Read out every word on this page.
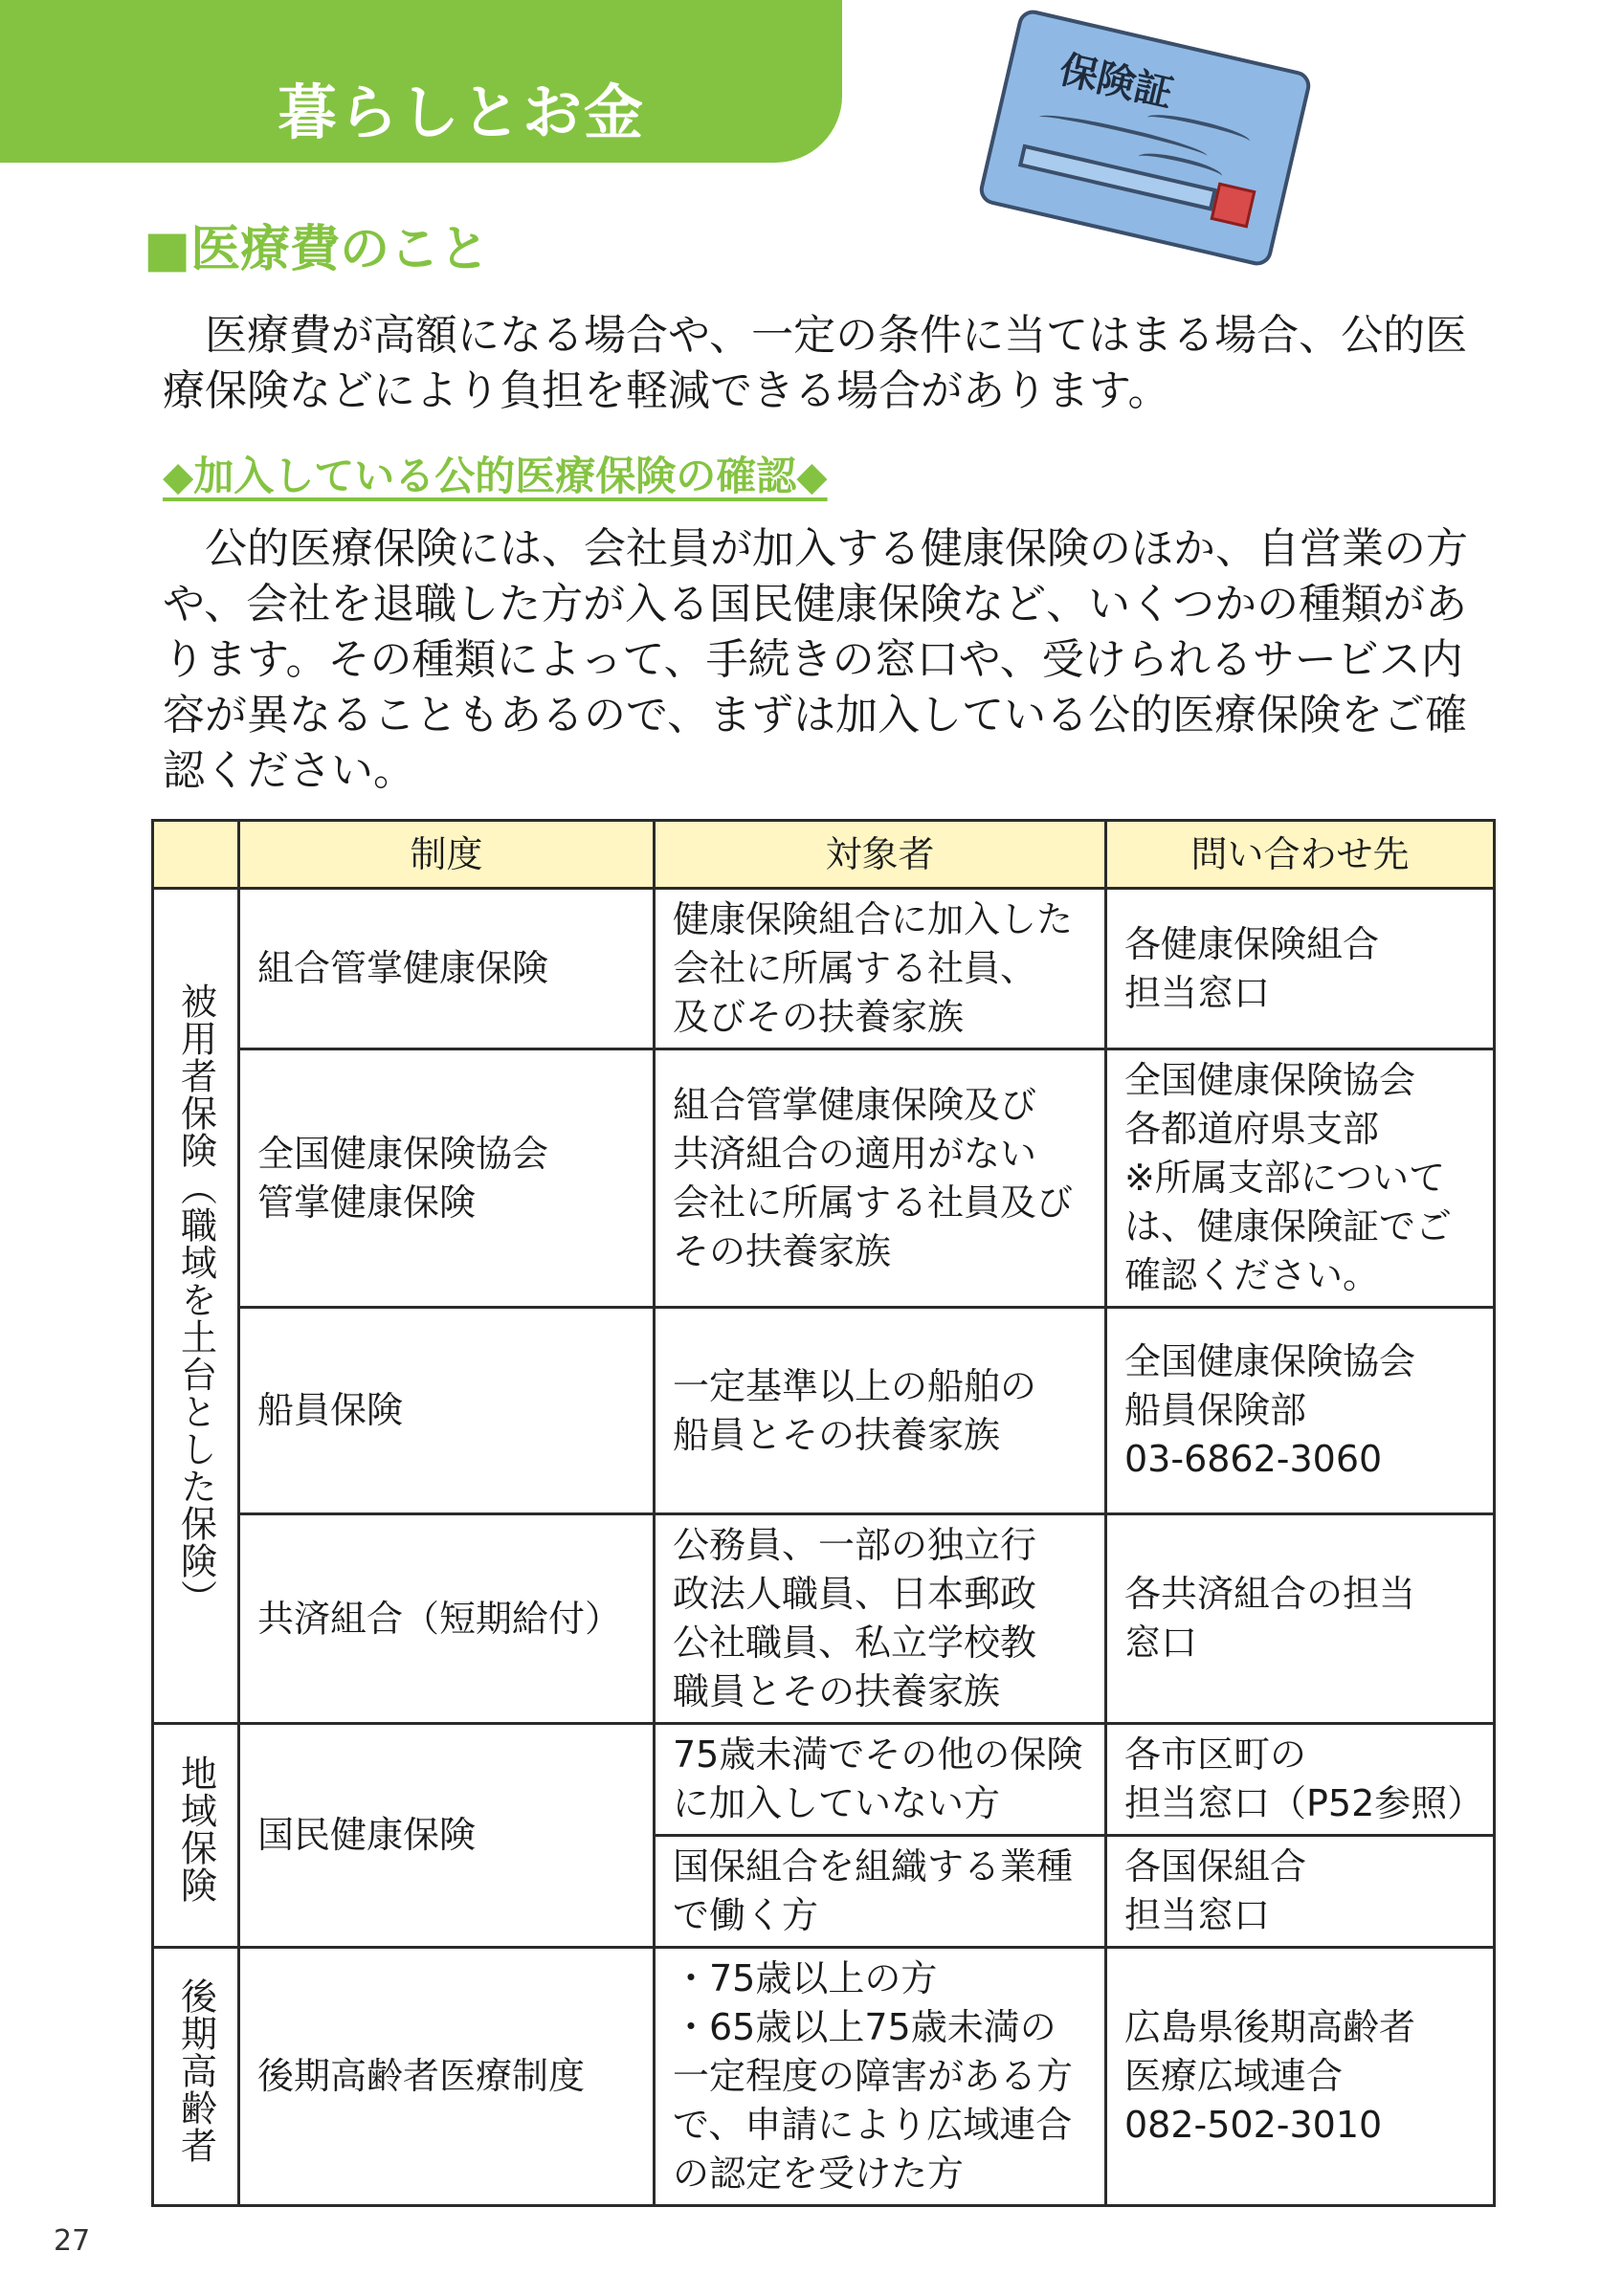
暮らしとお金	保険証
■医療費のこと

　医療費が高額になる場合や、一定の条件に当てはまる場合、公的医療保険などにより負担を軽減できる場合があります。

◆加入している公的医療保険の確認◆

　公的医療保険には、会社員が加入する健康保険のほか、自営業の方や、会社を退職した方が入る国民健康保険など、いくつかの種類があります。その種類によって、手続きの窓口や、受けられるサービス内容が異なることもあるので、まずは加入している公的医療保険をご確認ください。

	制度	対象者	問い合わせ先
被用者保険（職域を土台とした保険）	組合管掌健康保険	健康保険組合に加入した
会社に所属する社員、
及びその扶養家族	各健康保険組合
担当窓口

	全国健康保険協会
管掌健康保険	組合管掌健康保険及び
共済組合の適用がない
会社に所属する社員及び
その扶養家族	全国健康保険協会
各都道府県支部
※所属支部について
は、健康保険証でご
確認ください。

	船員保険	一定基準以上の船舶の
船員とその扶養家族	全国健康保険協会
船員保険部
03-6862-3060

	共済組合（短期給付）	公務員、一部の独立行
政法人職員、日本郵政
公社職員、私立学校教
職員とその扶養家族	各共済組合の担当
窓口

地域保険	国民健康保険	75歳未満でその他の保険
に加入していない方	各市区町の
担当窓口（P52参照）

		国保組合を組織する業種
で働く方	各国保組合
担当窓口

後期高齢者	後期高齢者医療制度	・75歳以上の方
・65歳以上75歳未満の
一定程度の障害がある方
で、申請により広域連合
の認定を受けた方	広島県後期高齢者
医療広域連合
082-502-3010
27
